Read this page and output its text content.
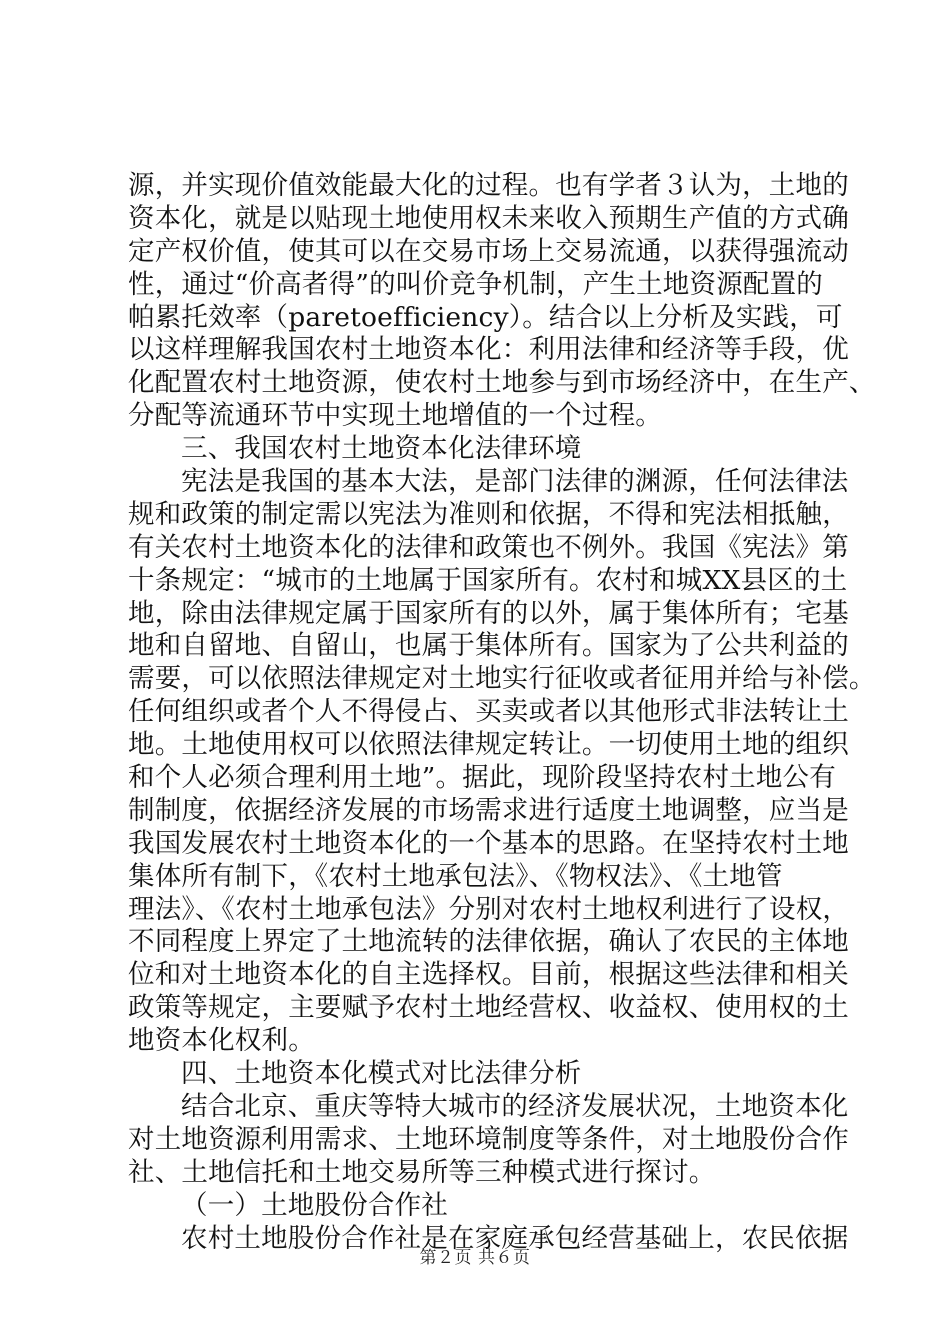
源，并实现价值效能最大化的过程。也有学者３认为，土地的
资本化，就是以贴现土地使用权未来收入预期生产值的方式确
定产权价值，使其可以在交易市场上交易流通，以获得强流动
性，通过“价高者得”的叫价竞争机制，产生土地资源配置的
帕累托效率（paretoefficiency）。结合以上分析及实践，可
以这样理解我国农村土地资本化：利用法律和经济等手段，优
化配置农村土地资源，使农村土地参与到市场经济中，在生产、
分配等流通环节中实现土地增值的一个过程。
三、我国农村土地资本化法律环境
宪法是我国的基本大法，是部门法律的渊源，任何法律法
规和政策的制定需以宪法为准则和依据，不得和宪法相抵触，
有关农村土地资本化的法律和政策也不例外。我国《宪法》第
十条规定：“城市的土地属于国家所有。农村和城XX县区的土
地，除由法律规定属于国家所有的以外，属于集体所有；宅基
地和自留地、自留山，也属于集体所有。国家为了公共利益的
需要，可以依照法律规定对土地实行征收或者征用并给与补偿。
任何组织或者个人不得侵占、买卖或者以其他形式非法转让土
地。土地使用权可以依照法律规定转让。一切使用土地的组织
和个人必须合理利用土地”。据此，现阶段坚持农村土地公有
制制度，依据经济发展的市场需求进行适度土地调整，应当是
我国发展农村土地资本化的一个基本的思路。在坚持农村土地
集体所有制下，《农村土地承包法》、《物权法》、《土地管
理法》、《农村土地承包法》分别对农村土地权利进行了设权，
不同程度上界定了土地流转的法律依据，确认了农民的主体地
位和对土地资本化的自主选择权。目前，根据这些法律和相关
政策等规定，主要赋予农村土地经营权、收益权、使用权的土
地资本化权利。
四、土地资本化模式对比法律分析
结合北京、重庆等特大城市的经济发展状况，土地资本化
对土地资源利用需求、土地环境制度等条件，对土地股份合作
社、土地信托和土地交易所等三种模式进行探讨。
（一）土地股份合作社
农村土地股份合作社是在家庭承包经营基础上，农民依据
第２页 共６页
